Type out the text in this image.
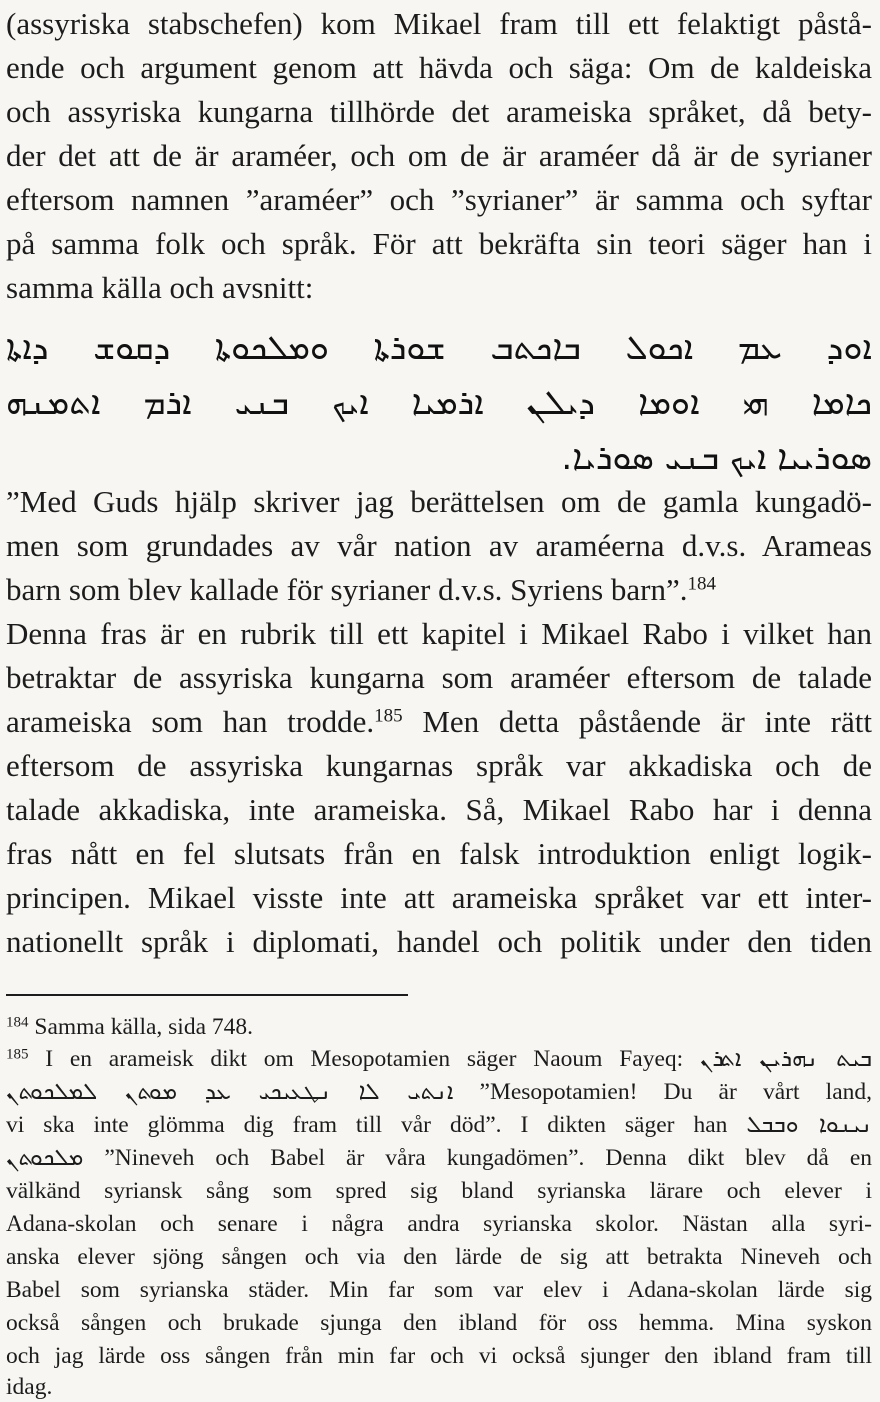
(assyriska stabschefen) kom Mikael fram till ett felaktigt påstå-
ende och argument genom att hävda och säga: Om de kaldeiska
och assyriska kungarna tillhörde det arameiska språket, då bety-
der det att de är araméer, och om de är araméer då är de syrianer
eftersom namnen ”araméer” och ”syrianer” är samma och syftar
på samma folk och språk. För att bekräfta sin teori säger han i
samma källa och avsnitt:
ܐܘܕ ܥܡ ܐܟܘܠ ܒܐܟܬܒ ܫܘܪܬܐ ܘܡܠܟܘܬܐ ܕܩܘܫ ܕܐܬܐ
ܟܐܡܐ ܗܝ ܐܘܡܐ ܕܝܠܢ ܐܪܡܝܐ ܐܝܟ ܒܢܝ ܐܪܡ ܐܬܡܢܗ
ܣܘܪܝܝܐ ܐܝܟ ܒܢܝ ܣܘܪܝܐ.
”Med Guds hjälp skriver jag berättelsen om de gamla kungadö-
men som grundades av vår nation av araméerna d.v.s. Arameas
barn som blev kallade för syrianer d.v.s. Syriens barn”.$^{184}$
Denna fras är en rubrik till ett kapitel i Mikael Rabo i vilket han
betraktar de assyriska kungarna som araméer eftersom de talade
arameiska som han trodde.$^{185}$ Men detta påstående är inte rätt
eftersom de assyriska kungarnas språk var akkadiska och de
talade akkadiska, inte arameiska. Så, Mikael Rabo har i denna
fras nått en fel slutsats från en falsk introduktion enligt logik-
principen. Mikael visste inte att arameiska språket var ett inter-
nationellt språk i diplomati, handel och politik under den tiden
$^{184}$ Samma källa, sida 748.
$^{185}$ I en arameisk dikt om Mesopotamien säger Naoum Fayeq: ܒܝܬ ܢܗܪܝܢ ܐܬܪܢ
ܐܢܬܝ ܠܐ ܢܛܥܝܟܝ ܥܕ ܡܘܬܢ ܠܡܠܟܘܬܢ ”Mesopotamien! Du är vårt land,
vi ska inte glömma dig fram till vår död”. I dikten säger han ܢܝܢܘܐ ܘܒܒܠ
ܡܠܟܘܬܢ ”Nineveh och Babel är våra kungadömen”. Denna dikt blev då en
välkänd syriansk sång som spred sig bland syrianska lärare och elever i
Adana-skolan och senare i några andra syrianska skolor. Nästan alla syri-
anska elever sjöng sången och via den lärde de sig att betrakta Nineveh och
Babel som syrianska städer. Min far som var elev i Adana-skolan lärde sig
också sången och brukade sjunga den ibland för oss hemma. Mina syskon
och jag lärde oss sången från min far och vi också sjunger den ibland fram till
idag.
